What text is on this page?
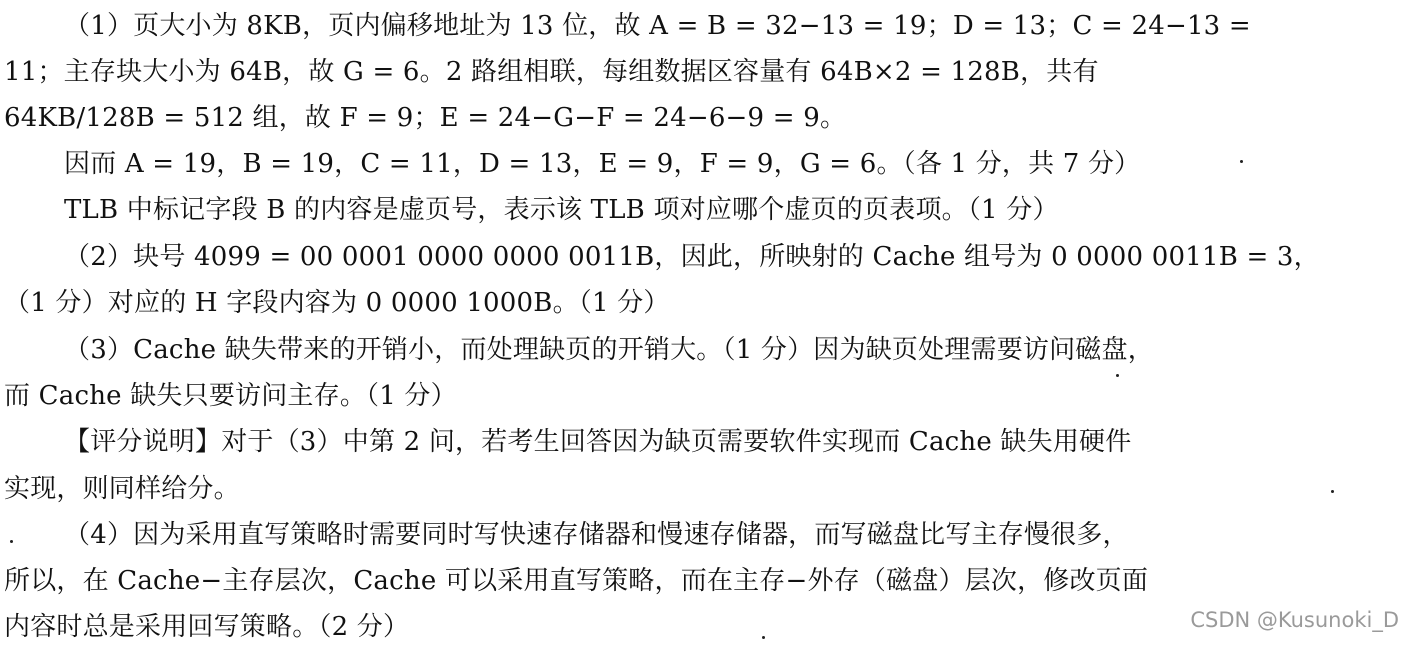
（1）页大小为 8KB，页内偏移地址为 13 位，故 A = B = 32−13 = 19；D = 13；C = 24−13 =
11；主存块大小为 64B，故 G = 6。2 路组相联，每组数据区容量有 64B×2 = 128B，共有
64KB/128B = 512 组，故 F = 9；E = 24−G−F = 24−6−9 = 9。
因而 A = 19，B = 19，C = 11，D = 13，E = 9，F = 9，G = 6。（各 1 分，共 7 分）
TLB 中标记字段 B 的内容是虚页号，表示该 TLB 项对应哪个虚页的页表项。（1 分）
（2）块号 4099 = 00 0001 0000 0000 0011B，因此，所映射的 Cache 组号为 0 0000 0011B = 3，
（1 分）对应的 H 字段内容为 0 0000 1000B。（1 分）
（3）Cache 缺失带来的开销小，而处理缺页的开销大。（1 分）因为缺页处理需要访问磁盘，
而 Cache 缺失只要访问主存。（1 分）
【评分说明】对于（3）中第 2 问，若考生回答因为缺页需要软件实现而 Cache 缺失用硬件
实现，则同样给分。
（4）因为采用直写策略时需要同时写快速存储器和慢速存储器，而写磁盘比写主存慢很多，
所以，在 Cache−主存层次，Cache 可以采用直写策略，而在主存−外存（磁盘）层次，修改页面
内容时总是采用回写策略。（2 分）	CSDN @Kusunoki_D
